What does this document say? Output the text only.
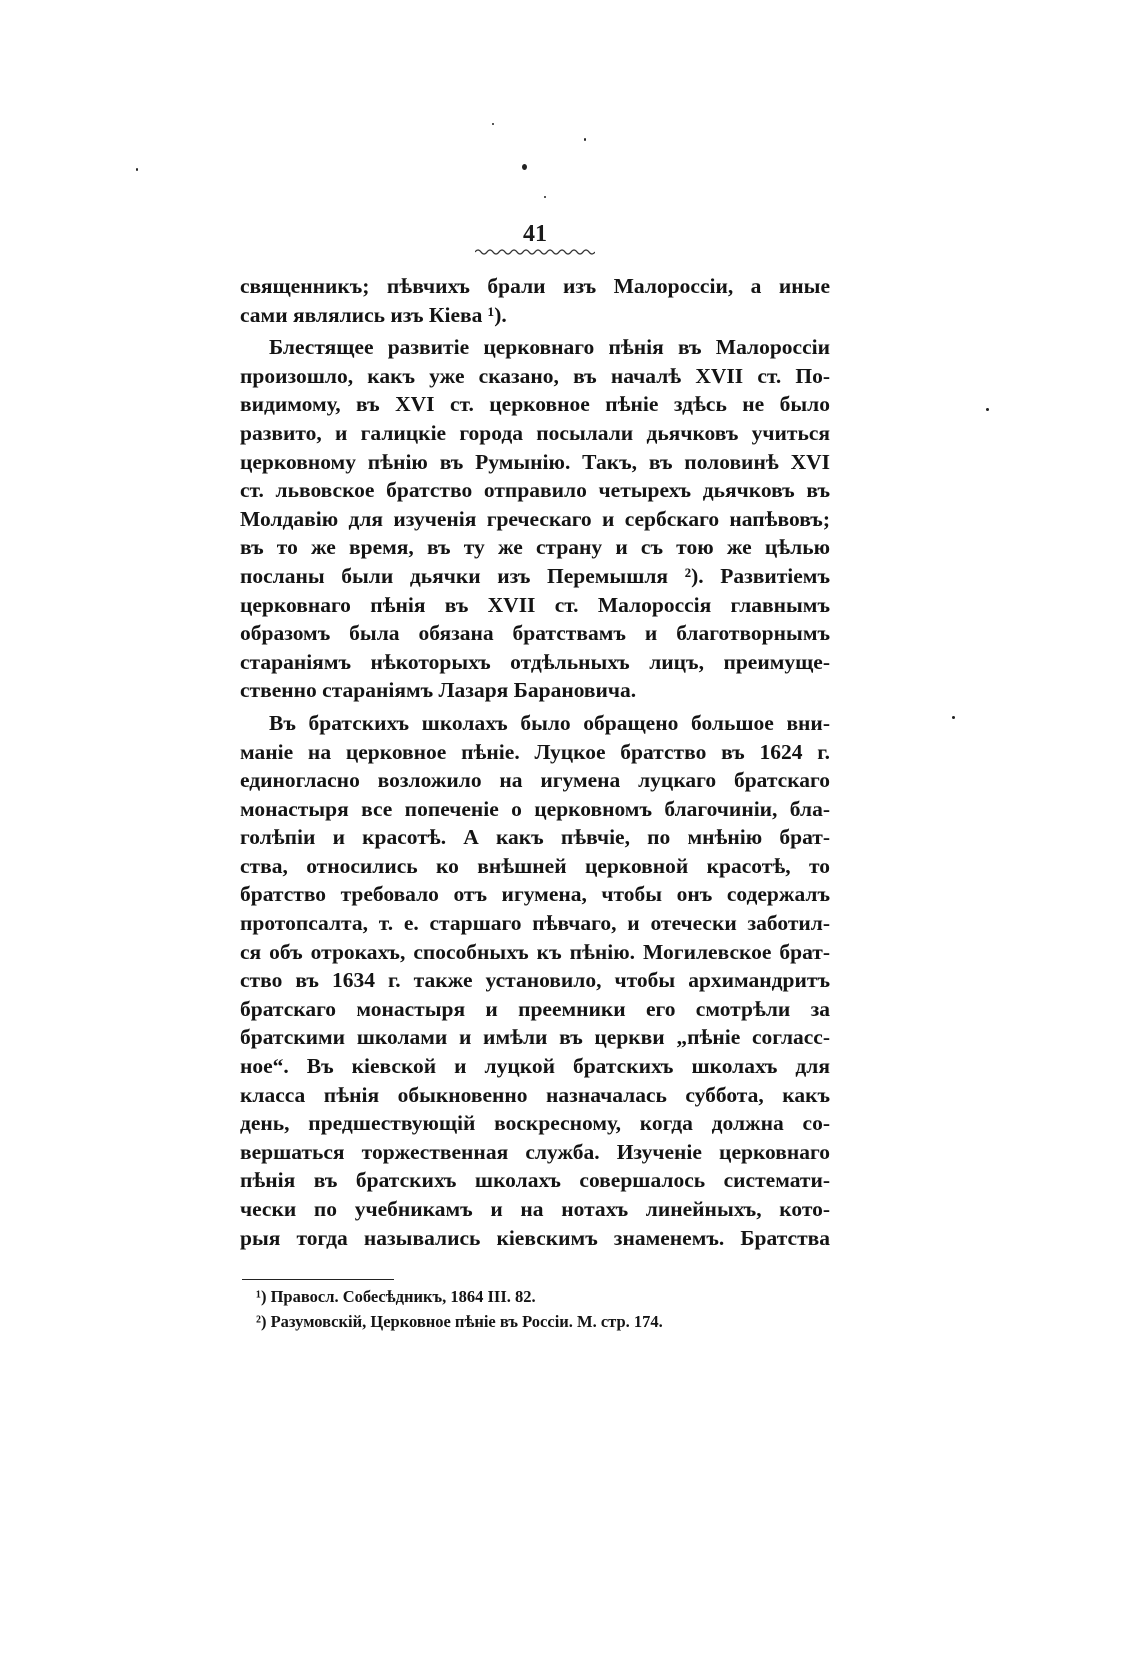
41
священникъ; пѣвчихъ брали изъ Малороссіи, а иные
сами являлись изъ Кіева ¹).
Блестящее развитіе церковнаго пѣнія въ Малороссіи
произошло, какъ уже сказано, въ началѣ XVII ст. По-
видимому, въ XVI ст. церковное пѣніе здѣсь не было
развито, и галицкіе города посылали дьячковъ учиться
церковному пѣнію въ Румынію. Такъ, въ половинѣ XVI
ст. львовское братство отправило четырехъ дьячковъ въ
Молдавію для изученія греческаго и сербскаго напѣвовъ;
въ то же время, въ ту же страну и съ тою же цѣлью
посланы были дьячки изъ Перемышля ²). Развитіемъ
церковнаго пѣнія въ XVII ст. Малороссія главнымъ
образомъ была обязана братствамъ и благотворнымъ
стараніямъ нѣкоторыхъ отдѣльныхъ лицъ, преимуще-
ственно стараніямъ Лазаря Барановича.
Въ братскихъ школахъ было обращено большое вни-
маніе на церковное пѣніе. Луцкое братство въ 1624 г.
единогласно возложило на игумена луцкаго братскаго
монастыря все попеченіе о церковномъ благочиніи, бла-
голѣпіи и красотѣ. А какъ пѣвчіе, по мнѣнію брат-
ства, относились ко внѣшней церковной красотѣ, то
братство требовало отъ игумена, чтобы онъ содержалъ
протопсалта, т. е. старшаго пѣвчаго, и отечески заботил-
ся объ отрокахъ, способныхъ къ пѣнію. Могилевское брат-
ство въ 1634 г. также установило, чтобы архимандритъ
братскаго монастыря и преемники его смотрѣли за
братскими школами и имѣли въ церкви „пѣніе согласс-
ное“. Въ кіевской и луцкой братскихъ школахъ для
класса пѣнія обыкновенно назначалась суббота, какъ
день, предшествующій воскресному, когда должна со-
вершаться торжественная служба. Изученіе церковнаго
пѣнія въ братскихъ школахъ совершалось системати-
чески по учебникамъ и на нотахъ линейныхъ, кото-
рыя тогда назывались кіевскимъ знаменемъ. Братства
¹) Правосл. Собесѣдникъ, 1864 III. 82.
²) Разумовскій, Церковное пѣніе въ Россіи. М. стр. 174.
